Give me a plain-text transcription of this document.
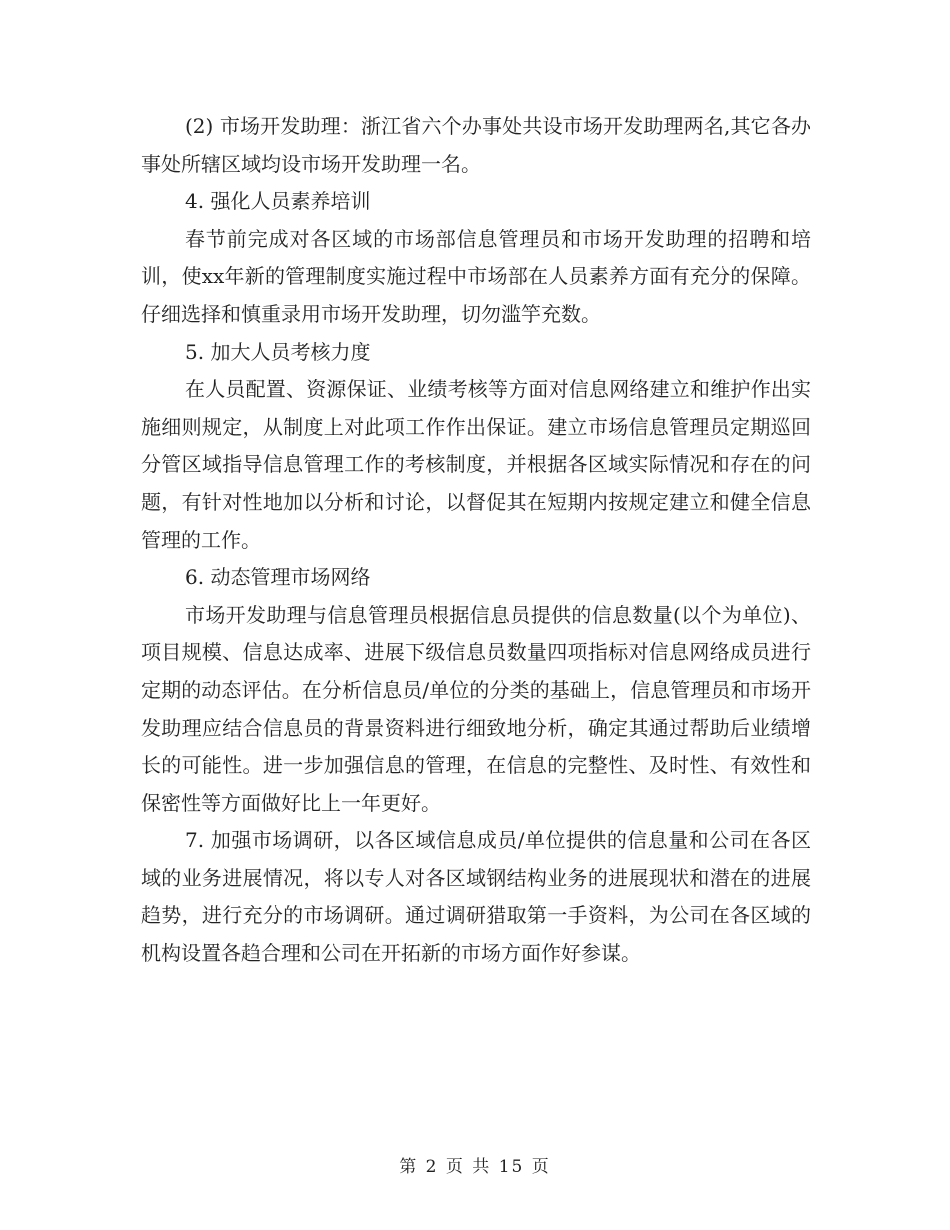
(2) 市场开发助理：浙江省六个办事处共设市场开发助理两名,其它各办事处所辖区域均设市场开发助理一名。

4. 强化人员素养培训

春节前完成对各区域的市场部信息管理员和市场开发助理的招聘和培训，使xx年新的管理制度实施过程中市场部在人员素养方面有充分的保障。仔细选择和慎重录用市场开发助理，切勿滥竽充数。

5. 加大人员考核力度

在人员配置、资源保证、业绩考核等方面对信息网络建立和维护作出实施细则规定，从制度上对此项工作作出保证。建立市场信息管理员定期巡回分管区域指导信息管理工作的考核制度，并根据各区域实际情况和存在的问题，有针对性地加以分析和讨论，以督促其在短期内按规定建立和健全信息管理的工作。

6. 动态管理市场网络

市场开发助理与信息管理员根据信息员提供的信息数量(以个为单位)、项目规模、信息达成率、进展下级信息员数量四项指标对信息网络成员进行定期的动态评估。在分析信息员/单位的分类的基础上，信息管理员和市场开发助理应结合信息员的背景资料进行细致地分析，确定其通过帮助后业绩增长的可能性。进一步加强信息的管理，在信息的完整性、及时性、有效性和保密性等方面做好比上一年更好。

7. 加强市场调研，以各区域信息成员/单位提供的信息量和公司在各区域的业务进展情况，将以专人对各区域钢结构业务的进展现状和潜在的进展趋势，进行充分的市场调研。通过调研猎取第一手资料，为公司在各区域的机构设置各趋合理和公司在开拓新的市场方面作好参谋。

第 2 页 共 15 页
